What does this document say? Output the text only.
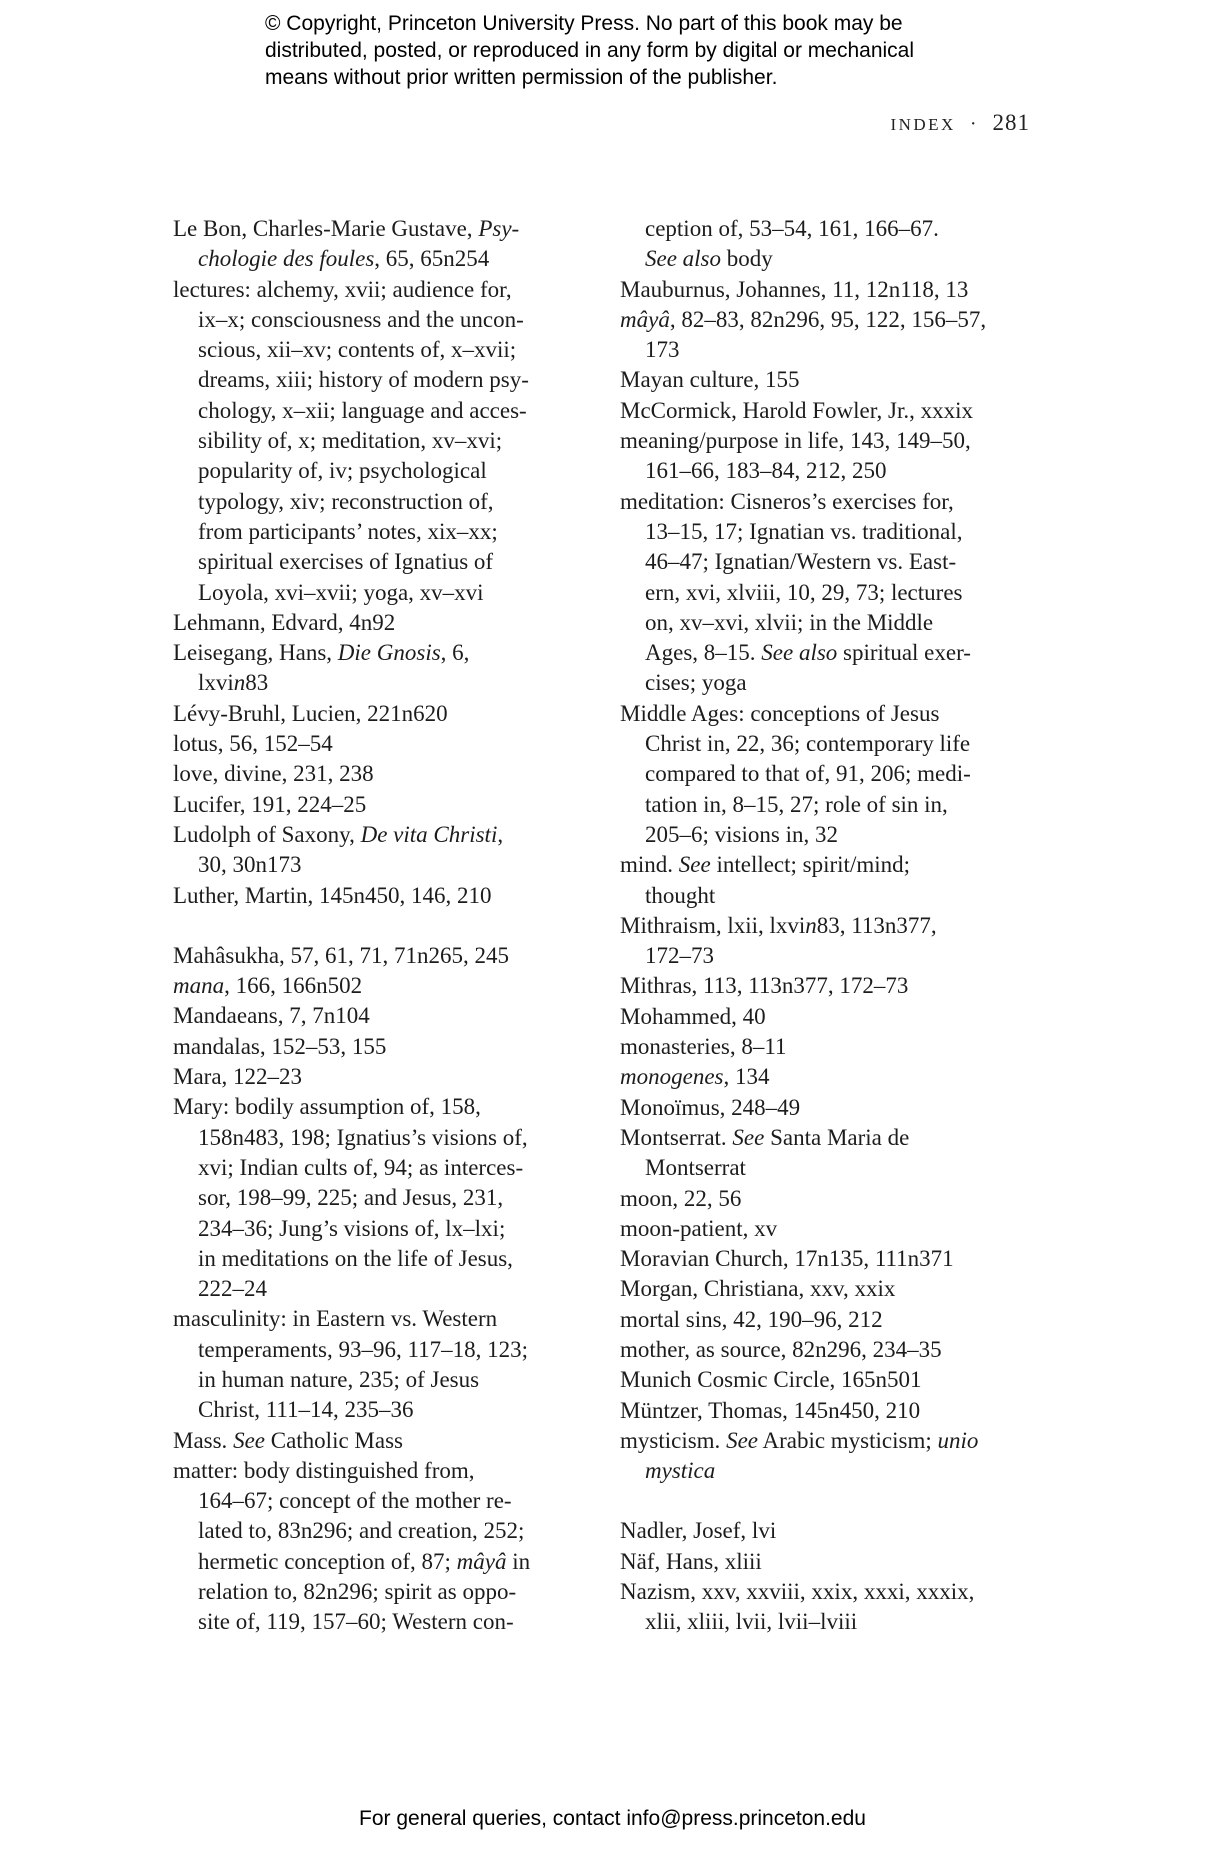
© Copyright, Princeton University Press. No part of this book may be

distributed, posted, or reproduced in any form by digital or mechanical

means without prior written permission of the publisher.

INDEX · 281
Le Bon, Charles-Marie Gustave, Psy-
chologie des foules, 65, 65n254
lectures: alchemy, xvii; audience for,
ix–x; consciousness and the uncon-
scious, xii–xv; contents of, x–xvii;
dreams, xiii; history of modern psy-
chology, x–xii; language and acces-
sibility of, x; meditation, xv–xvi;
popularity of, iv; psychological
typology, xiv; reconstruction of,
from participants’ notes, xix–xx;
spiritual exercises of Ignatius of
Loyola, xvi–xvii; yoga, xv–xvi
Lehmann, Edvard, 4n92
Leisegang, Hans, Die Gnosis, 6,
lxvin83
Lévy-Bruhl, Lucien, 221n620
lotus, 56, 152–54
love, divine, 231, 238
Lucifer, 191, 224–25
Ludolph of Saxony, De vita Christi,
30, 30n173
Luther, Martin, 145n450, 146, 210
Mahâsukha, 57, 61, 71, 71n265, 245
mana, 166, 166n502
Mandaeans, 7, 7n104
mandalas, 152–53, 155
Mara, 122–23
Mary: bodily assumption of, 158,
158n483, 198; Ignatius’s visions of,
xvi; Indian cults of, 94; as interces-
sor, 198–99, 225; and Jesus, 231,
234–36; Jung’s visions of, lx–lxi;
in meditations on the life of Jesus,
222–24
masculinity: in Eastern vs. Western
temperaments, 93–96, 117–18, 123;
in human nature, 235; of Jesus
Christ, 111–14, 235–36
Mass. See Catholic Mass
matter: body distinguished from,
164–67; concept of the mother re-
lated to, 83n296; and creation, 252;
hermetic conception of, 87; mâyâ in
relation to, 82n296; spirit as oppo-
site of, 119, 157–60; Western con-
ception of, 53–54, 161, 166–67.
See also body
Mauburnus, Johannes, 11, 12n118, 13
mâyâ, 82–83, 82n296, 95, 122, 156–57,
173
Mayan culture, 155
McCormick, Harold Fowler, Jr., xxxix
meaning/purpose in life, 143, 149–50,
161–66, 183–84, 212, 250
meditation: Cisneros’s exercises for,
13–15, 17; Ignatian vs. traditional,
46–47; Ignatian/Western vs. East-
ern, xvi, xlviii, 10, 29, 73; lectures
on, xv–xvi, xlvii; in the Middle
Ages, 8–15. See also spiritual exer-
cises; yoga
Middle Ages: conceptions of Jesus
Christ in, 22, 36; contemporary life
compared to that of, 91, 206; medi-
tation in, 8–15, 27; role of sin in,
205–6; visions in, 32
mind. See intellect; spirit/mind;
thought
Mithraism, lxii, lxvin83, 113n377,
172–73
Mithras, 113, 113n377, 172–73
Mohammed, 40
monasteries, 8–11
monogenes, 134
Monoïmus, 248–49
Montserrat. See Santa Maria de
Montserrat
moon, 22, 56
moon-patient, xv
Moravian Church, 17n135, 111n371
Morgan, Christiana, xxv, xxix
mortal sins, 42, 190–96, 212
mother, as source, 82n296, 234–35
Munich Cosmic Circle, 165n501
Müntzer, Thomas, 145n450, 210
mysticism. See Arabic mysticism; unio
mystica
Nadler, Josef, lvi
Näf, Hans, xliii
Nazism, xxv, xxviii, xxix, xxxi, xxxix,
xlii, xliii, lvii, lvii–lviii
For general queries, contact info@press.princeton.edu
